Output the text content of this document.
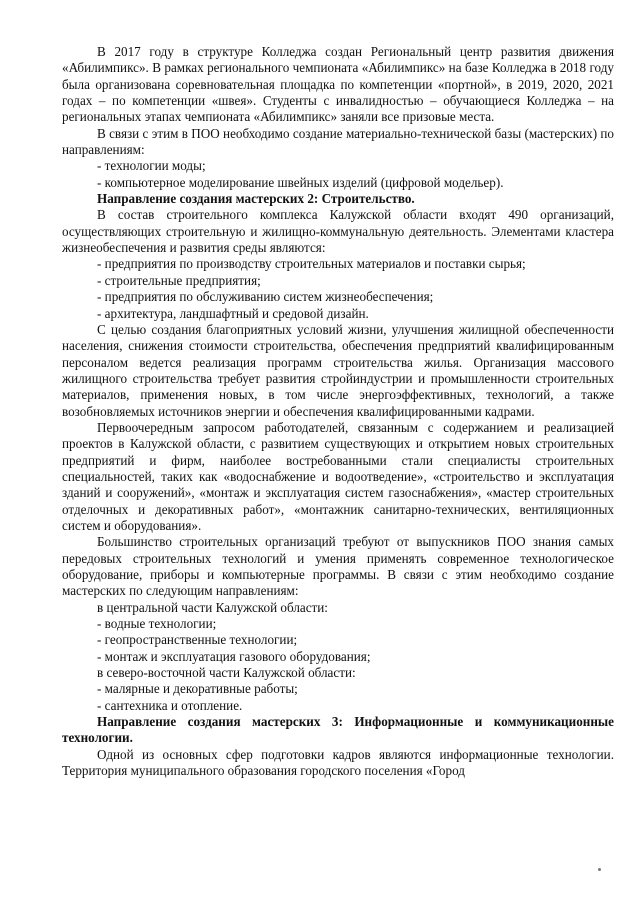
В 2017 году в структуре Колледжа создан Региональный центр развития движения «Абилимпикс». В рамках регионального чемпионата «Абилимпикс» на базе Колледжа в 2018 году была организована соревновательная площадка по компетенции «портной», в 2019, 2020, 2021 годах – по компетенции «швея». Студенты с инвалидностью – обучающиеся Колледжа – на региональных этапах чемпионата «Абилимпикс» заняли все призовые места.

В связи с этим в ПОО необходимо создание материально-технической базы (мастерских) по направлениям:

- технологии моды;

- компьютерное моделирование швейных изделий (цифровой модельер).

Направление создания мастерских 2: Строительство.

В состав строительного комплекса Калужской области входят 490 организаций, осуществляющих строительную и жилищно-коммунальную деятельность. Элементами кластера жизнеобеспечения и развития среды являются:

- предприятия по производству строительных материалов и поставки сырья;

- строительные предприятия;

- предприятия по обслуживанию систем жизнеобеспечения;

- архитектура, ландшафтный и средовой дизайн.

С целью создания благоприятных условий жизни, улучшения жилищной обеспеченности населения, снижения стоимости строительства, обеспечения предприятий квалифицированным персоналом ведется реализация программ строительства жилья. Организация массового жилищного строительства требует развития стройиндустрии и промышленности строительных материалов, применения новых, в том числе энергоэффективных, технологий, а также возобновляемых источников энергии и обеспечения квалифицированными кадрами.

Первоочередным запросом работодателей, связанным с содержанием и реализацией проектов в Калужской области, с развитием существующих и открытием новых строительных предприятий и фирм, наиболее востребованными стали специалисты строительных специальностей, таких как «водоснабжение и водоотведение», «строительство и эксплуатация зданий и сооружений», «монтаж и эксплуатация систем газоснабжения», «мастер строительных отделочных и декоративных работ», «монтажник санитарно-технических, вентиляционных систем и оборудования».

Большинство строительных организаций требуют от выпускников ПОО знания самых передовых строительных технологий и умения применять современное технологическое оборудование, приборы и компьютерные программы. В связи с этим необходимо создание мастерских по следующим направлениям:

в центральной части Калужской области:

- водные технологии;

- геопространственные технологии;

- монтаж и эксплуатация газового оборудования;

в северо-восточной части Калужской области:

- малярные и декоративные работы;

- сантехника и отопление.

Направление создания мастерских 3: Информационные и коммуникационные технологии.

Одной из основных сфер подготовки кадров являются информационные технологии. Территория муниципального образования городского поселения «Город
